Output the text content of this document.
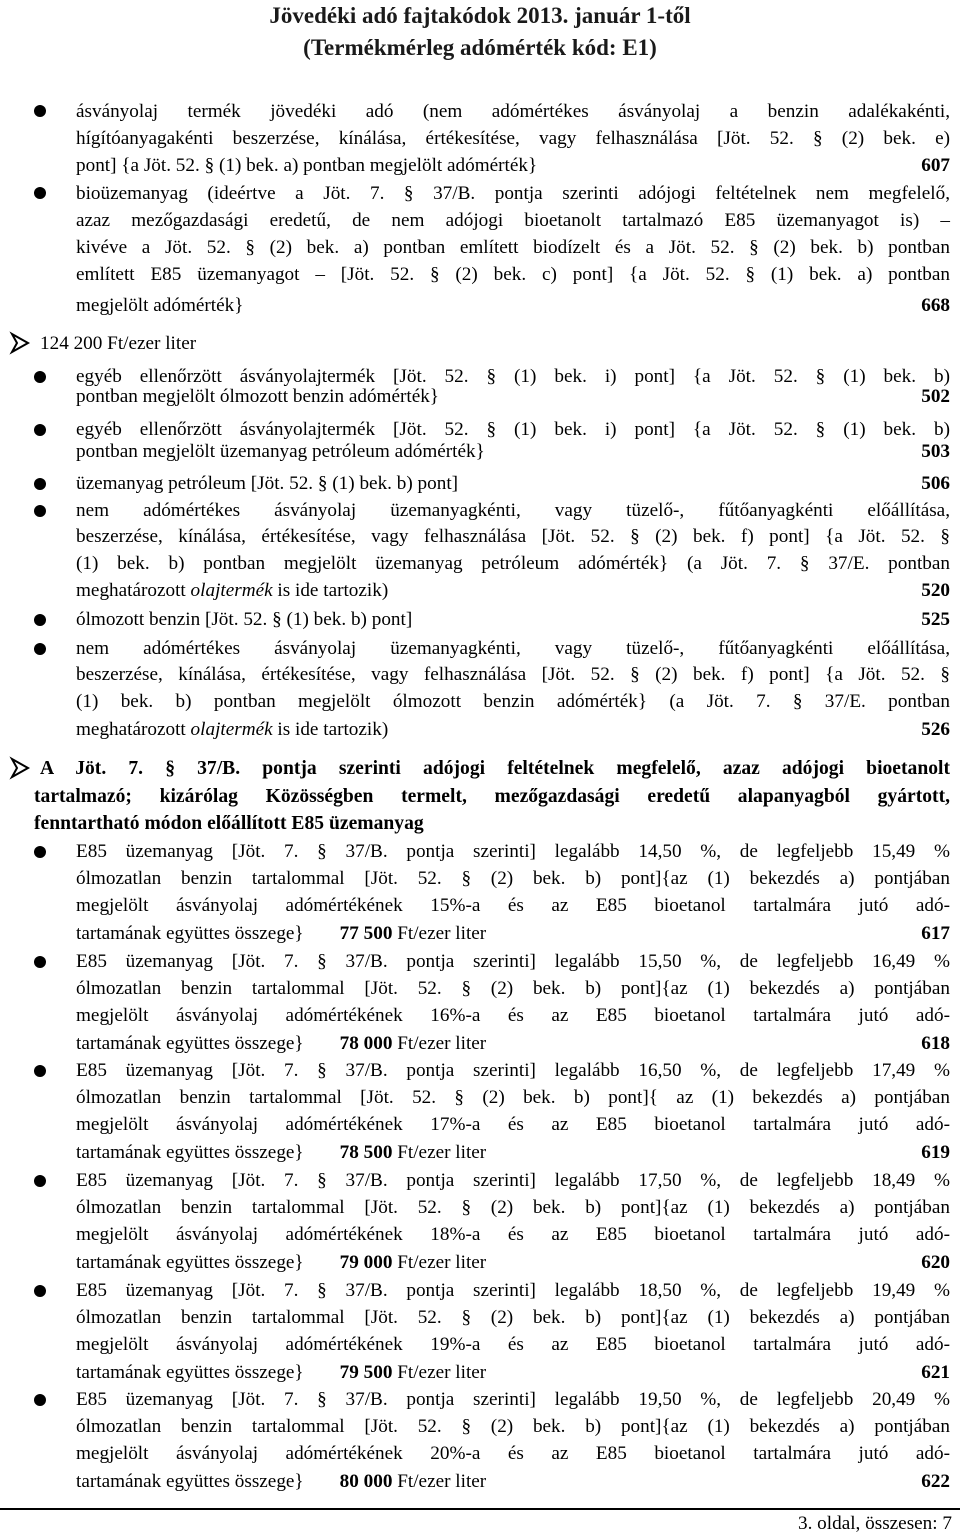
Jövedéki adó fajtakódok 2013. január 1-től
(Termékmérleg adómérték kód: E1)
ásványolaj termék jövedéki adó (nem adómértékes ásványolaj a benzin adalékakénti,
hígítóanyagakénti beszerzése, kínálása, értékesítése, vagy felhasználása [Jöt. 52. § (2) bek. e)
pont] {a Jöt. 52. § (1) bek. a) pontban megjelölt adómérték}	607
bioüzemanyag (ideértve a Jöt. 7. § 37/B. pontja szerinti adójogi feltételnek nem megfelelő,
azaz mezőgazdasági eredetű, de nem adójogi bioetanolt tartalmazó E85 üzemanyagot is) –
kivéve a Jöt. 52. § (2) bek. a) pontban említett biodízelt és a Jöt. 52. § (2) bek. b) pontban
említett E85 üzemanyagot – [Jöt. 52. § (2) bek. c) pont] {a Jöt. 52. § (1) bek. a) pontban
megjelölt adómérték}	668
124 200 Ft/ezer liter
egyéb ellenőrzött ásványolajtermék [Jöt. 52. § (1) bek. i) pont] {a Jöt. 52. § (1) bek. b)
pontban megjelölt ólmozott benzin adómérték}	502
egyéb ellenőrzött ásványolajtermék [Jöt. 52. § (1) bek. i) pont] {a Jöt. 52. § (1) bek. b)
pontban megjelölt üzemanyag petróleum adómérték}	503
üzemanyag petróleum [Jöt. 52. § (1) bek. b) pont]	506
nem adómértékes ásványolaj üzemanyagkénti, vagy tüzelő-, fűtőanyagkénti előállítása,
beszerzése, kínálása, értékesítése, vagy felhasználása [Jöt. 52. § (2) bek. f) pont] {a Jöt. 52. §
(1) bek. b) pontban megjelölt üzemanyag petróleum adómérték} (a Jöt. 7. § 37/E. pontban
meghatározott olajtermék is ide tartozik)	520
ólmozott benzin [Jöt. 52. § (1) bek. b) pont]	525
nem adómértékes ásványolaj üzemanyagkénti, vagy tüzelő-, fűtőanyagkénti előállítása,
beszerzése, kínálása, értékesítése, vagy felhasználása [Jöt. 52. § (2) bek. f) pont] {a Jöt. 52. §
(1) bek. b) pontban megjelölt ólmozott benzin adómérték} (a Jöt. 7. § 37/E. pontban
meghatározott olajtermék is ide tartozik)	526
A Jöt. 7. § 37/B. pontja szerinti adójogi feltételnek megfelelő, azaz adójogi bioetanolt
tartalmazó; kizárólag Közösségben termelt, mezőgazdasági eredetű alapanyagból gyártott,
fenntartható módon előállított E85 üzemanyag
E85 üzemanyag [Jöt. 7. § 37/B. pontja szerinti] legalább 14,50 %, de legfeljebb 15,49 %
ólmozatlan benzin tartalommal [Jöt. 52. § (2) bek. b) pont]{az (1) bekezdés a) pontjában
megjelölt ásványolaj adómértékének 15%-a és az E85 bioetanol tartalmára jutó adó-
tartamának együttes összege} 77 500 Ft/ezer liter	617
E85 üzemanyag [Jöt. 7. § 37/B. pontja szerinti] legalább 15,50 %, de legfeljebb 16,49 %
ólmozatlan benzin tartalommal [Jöt. 52. § (2) bek. b) pont]{az (1) bekezdés a) pontjában
megjelölt ásványolaj adómértékének 16%-a és az E85 bioetanol tartalmára jutó adó-
tartamának együttes összege} 78 000 Ft/ezer liter	618
E85 üzemanyag [Jöt. 7. § 37/B. pontja szerinti] legalább 16,50 %, de legfeljebb 17,49 %
ólmozatlan benzin tartalommal [Jöt. 52. § (2) bek. b) pont]{ az (1) bekezdés a) pontjában
megjelölt ásványolaj adómértékének 17%-a és az E85 bioetanol tartalmára jutó adó-
tartamának együttes összege} 78 500 Ft/ezer liter	619
E85 üzemanyag [Jöt. 7. § 37/B. pontja szerinti] legalább 17,50 %, de legfeljebb 18,49 %
ólmozatlan benzin tartalommal [Jöt. 52. § (2) bek. b) pont]{az (1) bekezdés a) pontjában
megjelölt ásványolaj adómértékének 18%-a és az E85 bioetanol tartalmára jutó adó-
tartamának együttes összege} 79 000 Ft/ezer liter	620
E85 üzemanyag [Jöt. 7. § 37/B. pontja szerinti] legalább 18,50 %, de legfeljebb 19,49 %
ólmozatlan benzin tartalommal [Jöt. 52. § (2) bek. b) pont]{az (1) bekezdés a) pontjában
megjelölt ásványolaj adómértékének 19%-a és az E85 bioetanol tartalmára jutó adó-
tartamának együttes összege} 79 500 Ft/ezer liter	621
E85 üzemanyag [Jöt. 7. § 37/B. pontja szerinti] legalább 19,50 %, de legfeljebb 20,49 %
ólmozatlan benzin tartalommal [Jöt. 52. § (2) bek. b) pont]{az (1) bekezdés a) pontjában
megjelölt ásványolaj adómértékének 20%-a és az E85 bioetanol tartalmára jutó adó-
tartamának együttes összege} 80 000 Ft/ezer liter	622
3. oldal, összesen: 7
